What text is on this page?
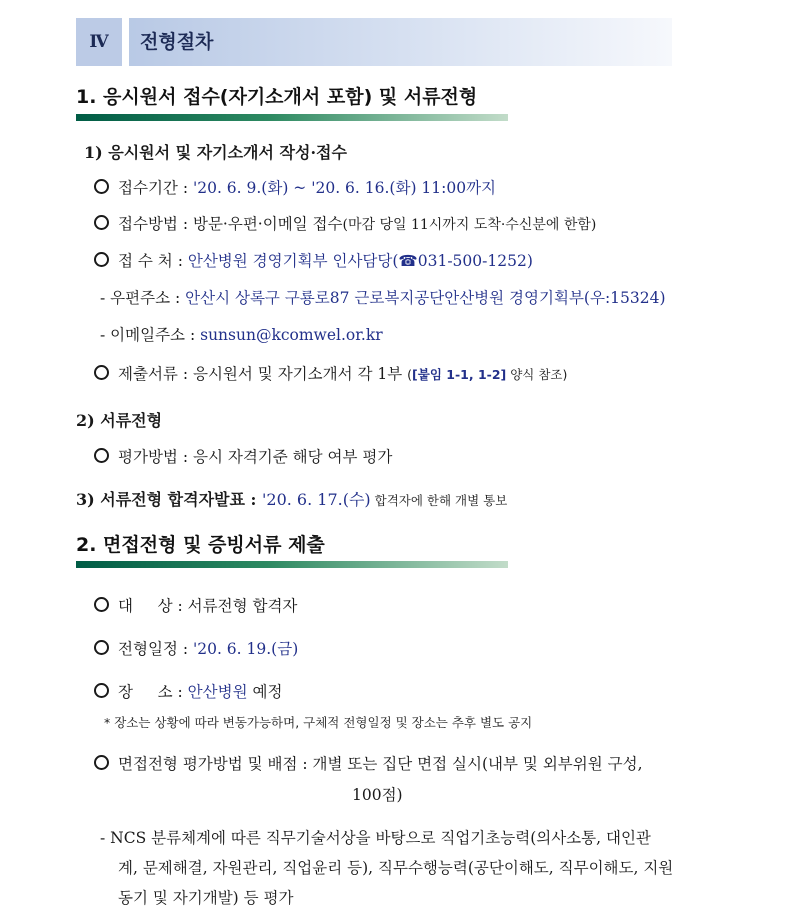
Ⅳ	전형절차
1. 응시원서 접수(자기소개서 포함) 및 서류전형
1) 응시원서 및 자기소개서 작성·접수
접수기간 : '20. 6. 9.(화) ~ '20. 6. 16.(화) 11:00까지
접수방법 : 방문·우편·이메일 접수(마감 당일 11시까지 도착·수신분에 한함)
접 수 처 : 안산병원 경영기획부 인사담당(☎031-500-1252)
- 우편주소 : 안산시 상록구 구룡로87 근로복지공단안산병원 경영기획부(우:15324)
- 이메일주소 : sunsun@kcomwel.or.kr
제출서류 : 응시원서 및 자기소개서 각 1부 ([붙임 1-1, 1-2] 양식 참조)
2) 서류전형
평가방법 : 응시 자격기준 해당 여부 평가
3) 서류전형 합격자발표 : '20. 6. 17.(수) 합격자에 한해 개별 통보
2. 면접전형 및 증빙서류 제출
대     상 : 서류전형 합격자
전형일정 : '20. 6. 19.(금)
장     소 : 안산병원 예정
* 장소는 상황에 따라 변동가능하며, 구체적 전형일정 및 장소는 추후 별도 공지
면접전형 평가방법 및 배점 : 개별 또는 집단 면접 실시(내부 및 외부위원 구성,
100점)
- NCS 분류체계에 따른 직무기술서상을 바탕으로 직업기초능력(의사소통, 대인관
계, 문제해결, 자원관리, 직업윤리 등), 직무수행능력(공단이해도, 직무이해도, 지원
동기 및 자기개발) 등 평가
